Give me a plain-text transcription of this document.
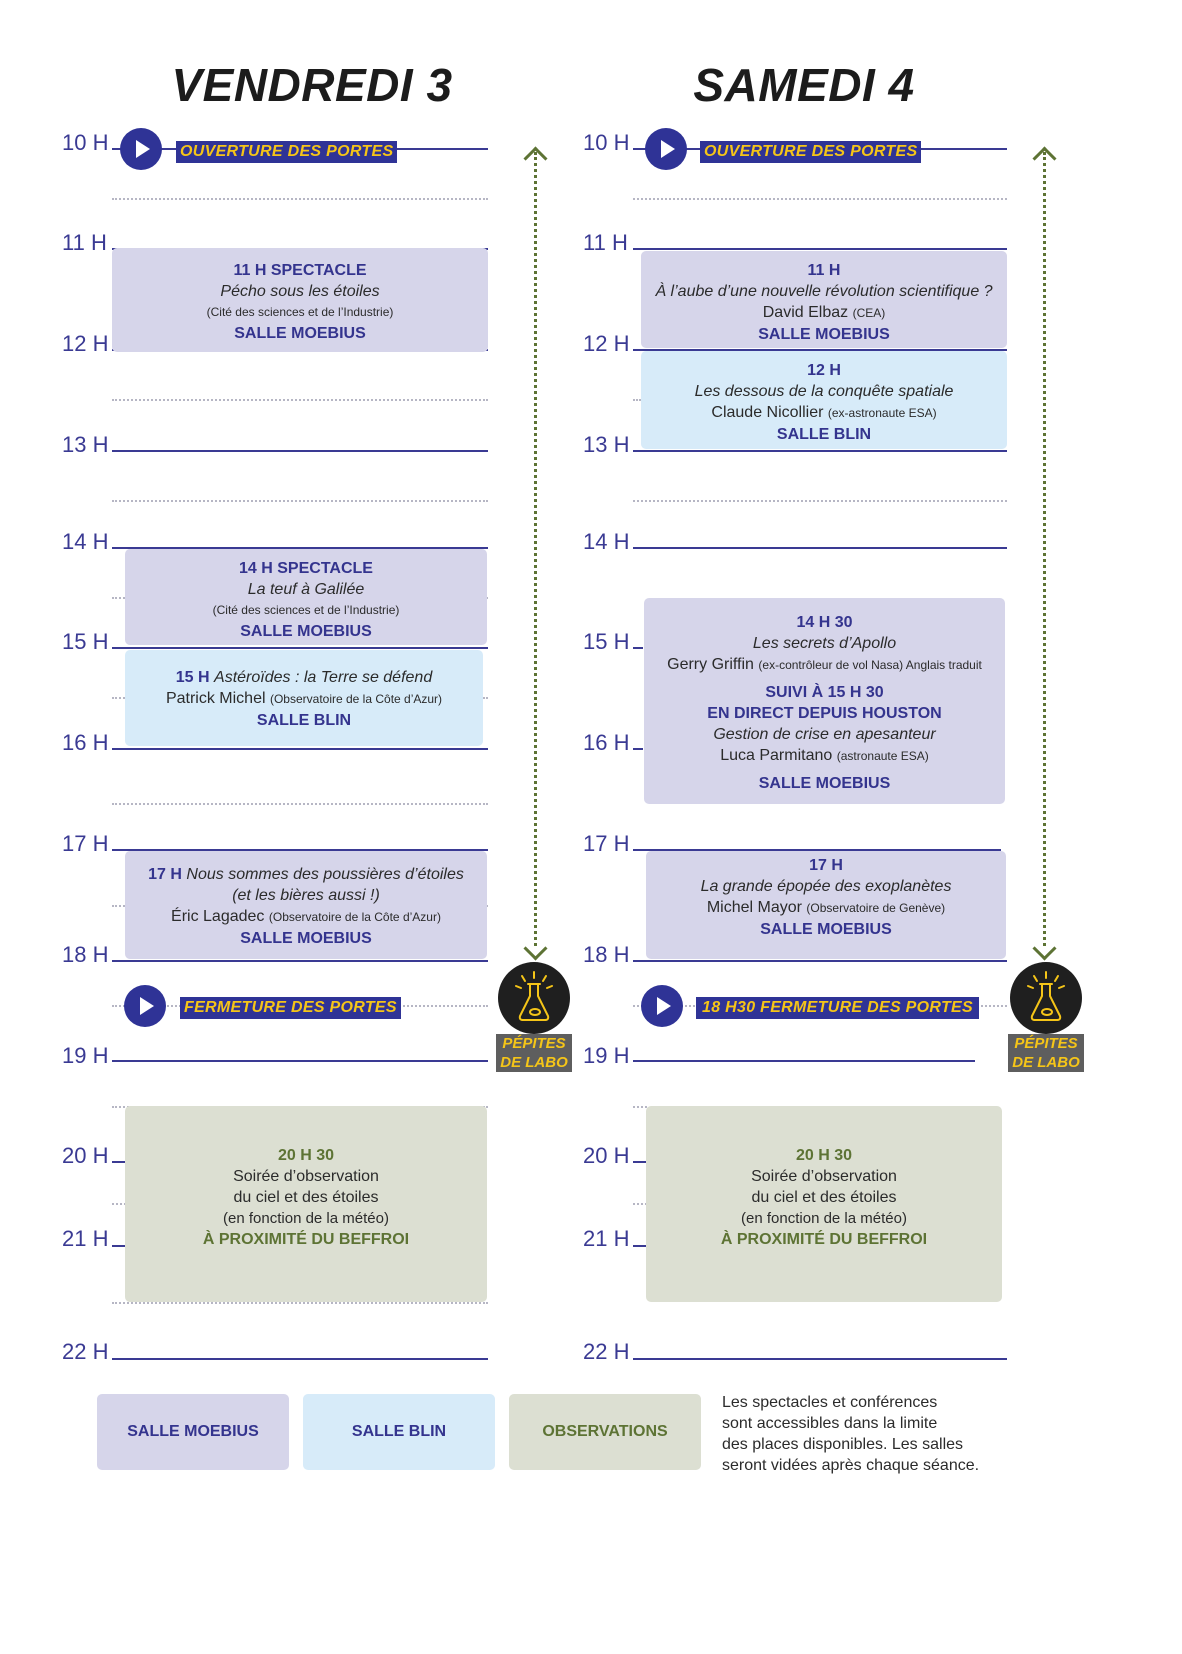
VENDREDI 3	SAMEDI 4
10 H
11 H
12 H
13 H
14 H
15 H
16 H
17 H
18 H
19 H
20 H
21 H
22 H
OUVERTURE DES PORTES
11 H SPECTACLE
Pécho sous les étoiles
(Cité des sciences et de l’Industrie)
SALLE MOEBIUS
14 H SPECTACLE
La teuf à Galilée
(Cité des sciences et de l’Industrie)
SALLE MOEBIUS
15 H Astéroïdes : la Terre se défend
Patrick Michel (Observatoire de la Côte d’Azur)
SALLE BLIN
17 H Nous sommes des poussières d’étoiles
(et les bières aussi !)
Éric Lagadec (Observatoire de la Côte d’Azur)
SALLE MOEBIUS
FERMETURE DES PORTES
20 H 30
Soirée d’observation
du ciel et des étoiles
(en fonction de la météo)
À PROXIMITÉ DU BEFFROI
PÉPITES
DE LABO
10 H
11 H
12 H
13 H
14 H
15 H
16 H
17 H
18 H
19 H
20 H
21 H
22 H
OUVERTURE DES PORTES
11 H
À l’aube d’une nouvelle révolution scientifique ?
David Elbaz (CEA)
SALLE MOEBIUS
12 H
Les dessous de la conquête spatiale
Claude Nicollier (ex-astronaute ESA)
SALLE BLIN
14 H 30
Les secrets d’Apollo
Gerry Griffin (ex-contrôleur de vol Nasa) Anglais traduit
SUIVI À 15 H 30
EN DIRECT DEPUIS HOUSTON
Gestion de crise en apesanteur
Luca Parmitano (astronaute ESA)
SALLE MOEBIUS
17 H
La grande épopée des exoplanètes
Michel Mayor (Observatoire de Genève)
SALLE MOEBIUS
18 H30 FERMETURE DES PORTES
20 H 30
Soirée d’observation
du ciel et des étoiles
(en fonction de la météo)
À PROXIMITÉ DU BEFFROI
PÉPITES
DE LABO
SALLE MOEBIUS	SALLE BLIN	OBSERVATIONS
Les spectacles et conférences
sont accessibles dans la limite
des places disponibles. Les salles
seront vidées après chaque séance.
